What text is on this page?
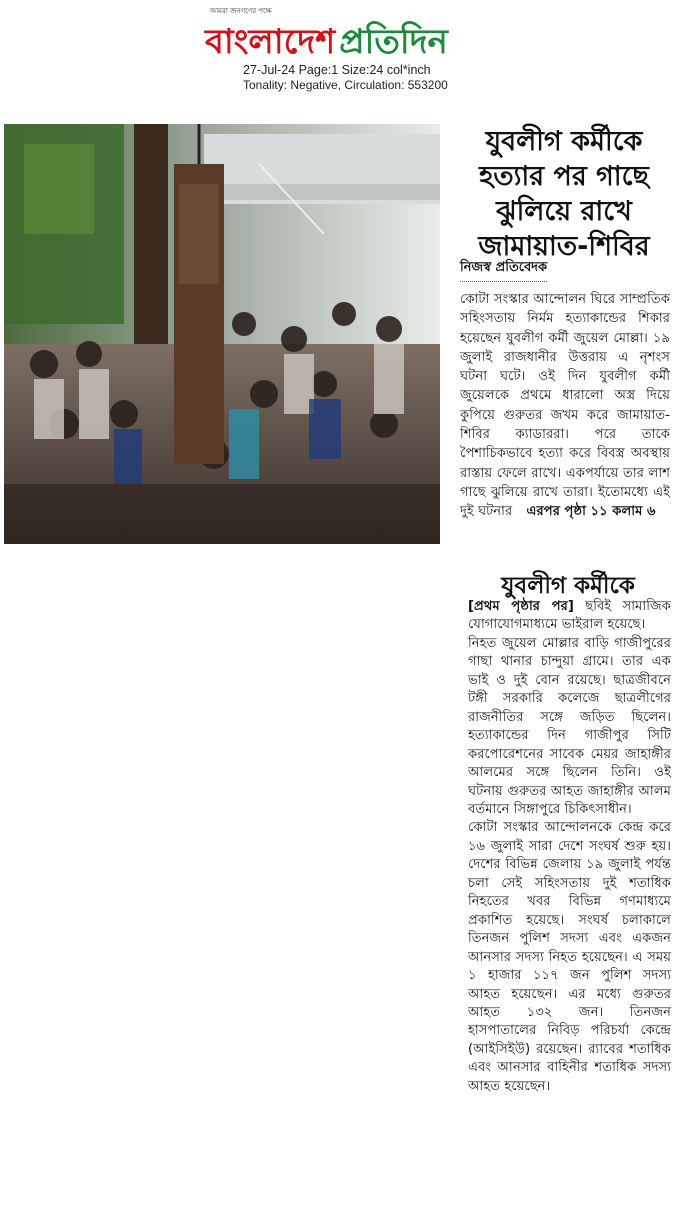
আমরা জনগণের পক্ষে
বাংলাদেশ প্রতিদিন
27-Jul-24 Page:1 Size:24 col*inch
Tonality: Negative, Circulation: 553200
যুবলীগ কর্মীকে হত্যার পর গাছে ঝুলিয়ে রাখে জামায়াত-শিবির
নিজস্ব প্রতিবেদক
কোটা সংস্কার আন্দোলন ঘিরে সাম্প্রতিক সহিংসতায় নির্মম হত্যাকান্ডের শিকার হয়েছেন যুবলীগ কর্মী জুয়েল মোল্লা। ১৯ জুলাই রাজধানীর উত্তরায় এ নৃশংস ঘটনা ঘটে। ওই দিন যুবলীগ কর্মী জুয়েলকে প্রথমে ধারালো অস্ত্র দিয়ে কুপিয়ে গুরুতর জখম করে জামায়াত-শিবির ক্যাডাররা। পরে তাকে পৈশাচিকভাবে হত্যা করে বিবস্ত্র অবস্থায় রাস্তায় ফেলে রাখে। একপর্যায়ে তার লাশ গাছে ঝুলিয়ে রাখে তারা। ইতোমধ্যে এই দুই ঘটনার এরপর পৃষ্ঠা ১১ কলাম ৬
যুবলীগ কর্মীকে

[প্রথম পৃষ্ঠার পর] ছবিই সামাজিক যোগাযোগমাধ্যমে ভাইরাল হয়েছে।

নিহত জুয়েল মোল্লার বাড়ি গাজীপুরের গাছা থানার চান্দুয়া গ্রামে। তার এক ভাই ও দুই বোন রয়েছে। ছাত্রজীবনে টঙ্গী সরকারি কলেজে ছাত্রলীগের রাজনীতির সঙ্গে জড়িত ছিলেন। হত্যাকান্ডের দিন গাজীপুর সিটি করপোরেশনের সাবেক মেয়র জাহাঙ্গীর আলমের সঙ্গে ছিলেন তিনি। ওই ঘটনায় গুরুতর আহত জাহাঙ্গীর আলম বর্তমানে সিঙ্গাপুরে চিকিৎসাধীন।

কোটা সংস্কার আন্দোলনকে কেন্দ্র করে ১৬ জুলাই সারা দেশে সংঘর্ষ শুরু হয়। দেশের বিভিন্ন জেলায় ১৯ জুলাই পর্যন্ত চলা সেই সহিংসতায় দুই শতাধিক নিহতের খবর বিভিন্ন গণমাধ্যমে প্রকাশিত হয়েছে। সংঘর্ষ চলাকালে তিনজন পুলিশ সদস্য এবং একজন আনসার সদস্য নিহত হয়েছেন। এ সময় ১ হাজার ১১৭ জন পুলিশ সদস্য আহত হয়েছেন। এর মধ্যে গুরুতর আহত ১৩২ জন। তিনজন হাসপাতালের নিবিড় পরিচর্যা কেন্দ্রে (আইসিইউ) রয়েছেন। র‌্যাবের শতাধিক এবং আনসার বাহিনীর শতাধিক সদস্য আহত হয়েছেন।
